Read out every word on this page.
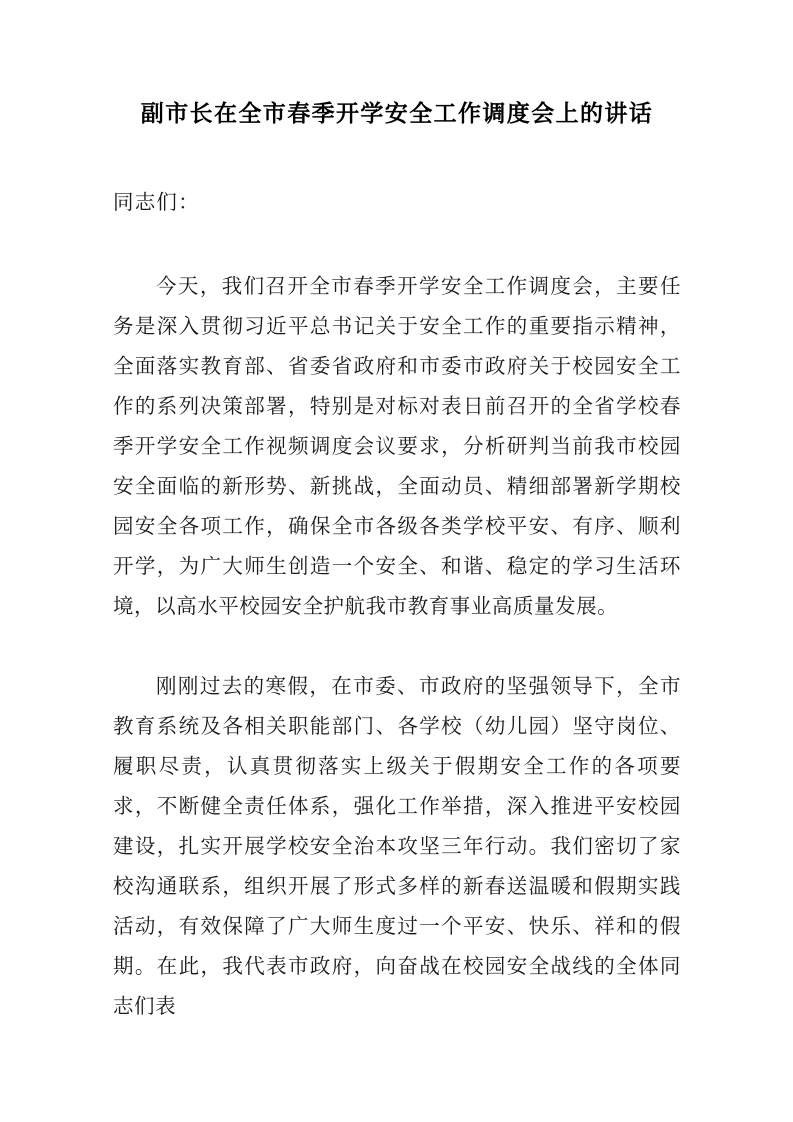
副市长在全市春季开学安全工作调度会上的讲话
同志们：

今天，我们召开全市春季开学安全工作调度会，主要任务是深入贯彻习近平总书记关于安全工作的重要指示精神，全面落实教育部、省委省政府和市委市政府关于校园安全工作的系列决策部署，特别是对标对表日前召开的全省学校春季开学安全工作视频调度会议要求，分析研判当前我市校园安全面临的新形势、新挑战，全面动员、精细部署新学期校园安全各项工作，确保全市各级各类学校平安、有序、顺利开学，为广大师生创造一个安全、和谐、稳定的学习生活环境，以高水平校园安全护航我市教育事业高质量发展。

刚刚过去的寒假，在市委、市政府的坚强领导下，全市教育系统及各相关职能部门、各学校（幼儿园）坚守岗位、履职尽责，认真贯彻落实上级关于假期安全工作的各项要求，不断健全责任体系，强化工作举措，深入推进平安校园建设，扎实开展学校安全治本攻坚三年行动。我们密切了家校沟通联系，组织开展了形式多样的新春送温暖和假期实践活动，有效保障了广大师生度过一个平安、快乐、祥和的假期。在此，我代表市政府，向奋战在校园安全战线的全体同志们表
